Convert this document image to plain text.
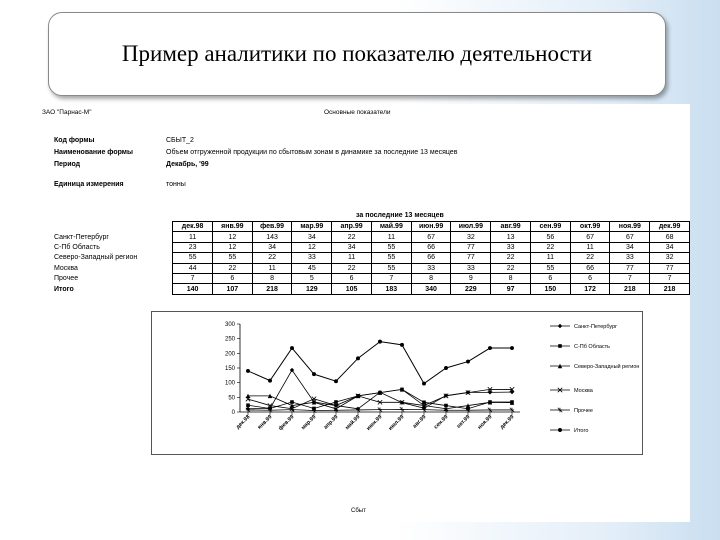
Пример аналитики по показателю деятельности
ЗАО "Парнас-М"	Основные показатели
Код формы	СБЫТ_2
Наименование формы	Объем отгруженной продукции по сбытовым зонам в динамике за последние 13 месяцев
Период	Декабрь, '99
Единица измерения	тонны
за последние 13 месяцев
	дек.98	янв.99	фев.99	мар.99	апр.99	май.99	июн.99	июл.99	авг.99	сен.99	окт.99	ноя.99	дек.99
Санкт-Петербург	11	12	143	34	22	11	67	32	13	56	67	67	68
С-Пб Область	23	12	34	12	34	55	66	77	33	22	11	34	34
Северо-Западный регион	55	55	22	33	11	55	66	77	22	11	22	33	32
Москва	44	22	11	45	22	55	33	33	22	55	66	77	77
Прочее	7	6	8	5	6	7	8	9	8	6	6	7	7
Итого	140	107	218	129	105	183	340	229	97	150	172	218	218
0
50
100
150
200
250
300
дек.98 янв.99 фев.99 мар.99 апр.99 май.99 июн.99 июл.99 авг.99 сен.99 окт.99 ноя.99 дек.99
Санкт-Петербург
С-Пб Область
Северо-Западный регион
Москва
Прочее
Итого
Сбыт
